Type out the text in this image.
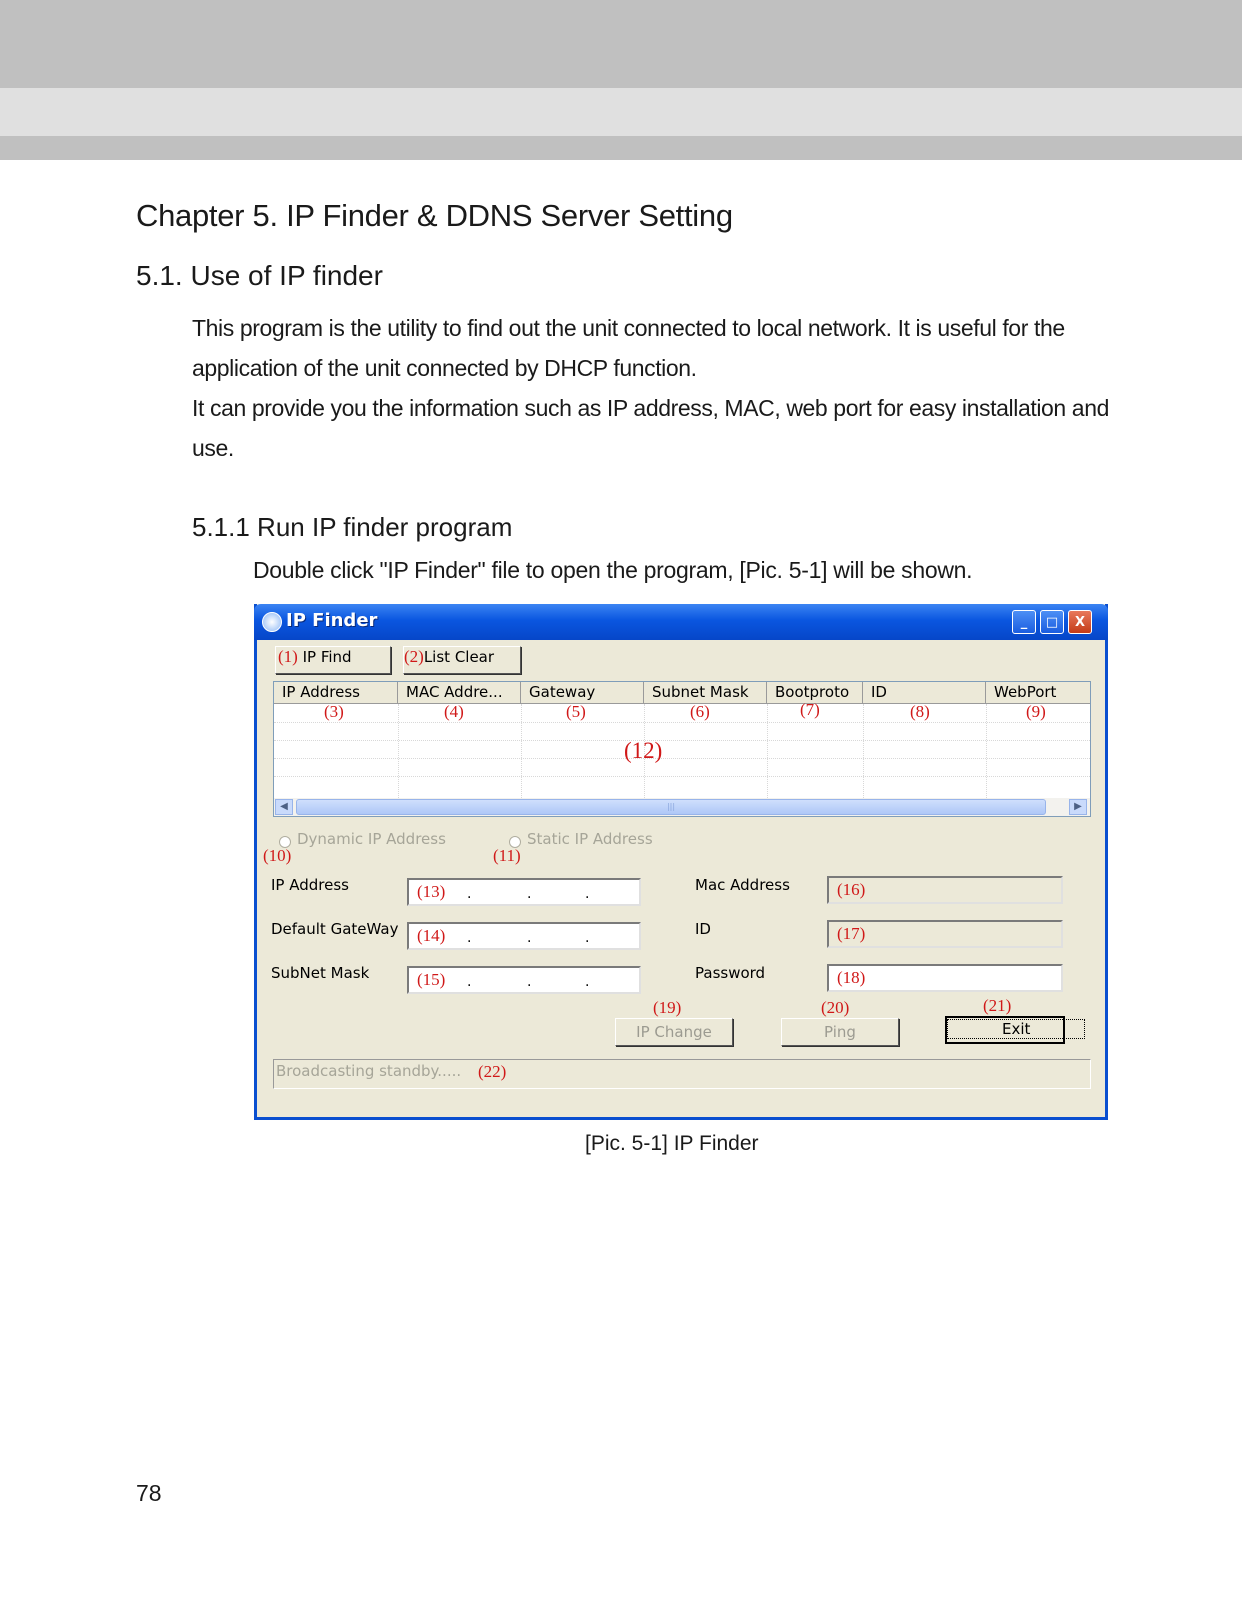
Chapter 5. IP Finder & DDNS Server Setting
5.1. Use of IP finder

This program is the utility to find out the unit connected to local network. It is useful for the application of the unit connected by DHCP function.

It can provide you the information such as IP address, MAC, web port for easy installation and use.

5.1.1 Run IP finder program
Double click "IP Finder" file to open the program, [Pic. 5-1] will be shown.
IP Finder	_	□	X
(1) IP Find	(2)List Clear
IP Address	MAC Addre...	Gateway	Subnet Mask	Bootproto	ID	WebPort
(3)	(4)	(5)	(6)	(7)	(8)	(9)
(12)
◀	|||	▶
Dynamic IP Address
(10)
Static IP Address
(11)
IP Address	(13) .	.	.
Default GateWay (14) .	.	.
SubNet Mask	(15) .	.	.
Mac Address	(16)
ID	(17)
Password	(18)
(19)
IP Change
(20)
Ping
(21)
Exit
Broadcasting standby..... (22)
[Pic. 5-1] IP Finder
78
